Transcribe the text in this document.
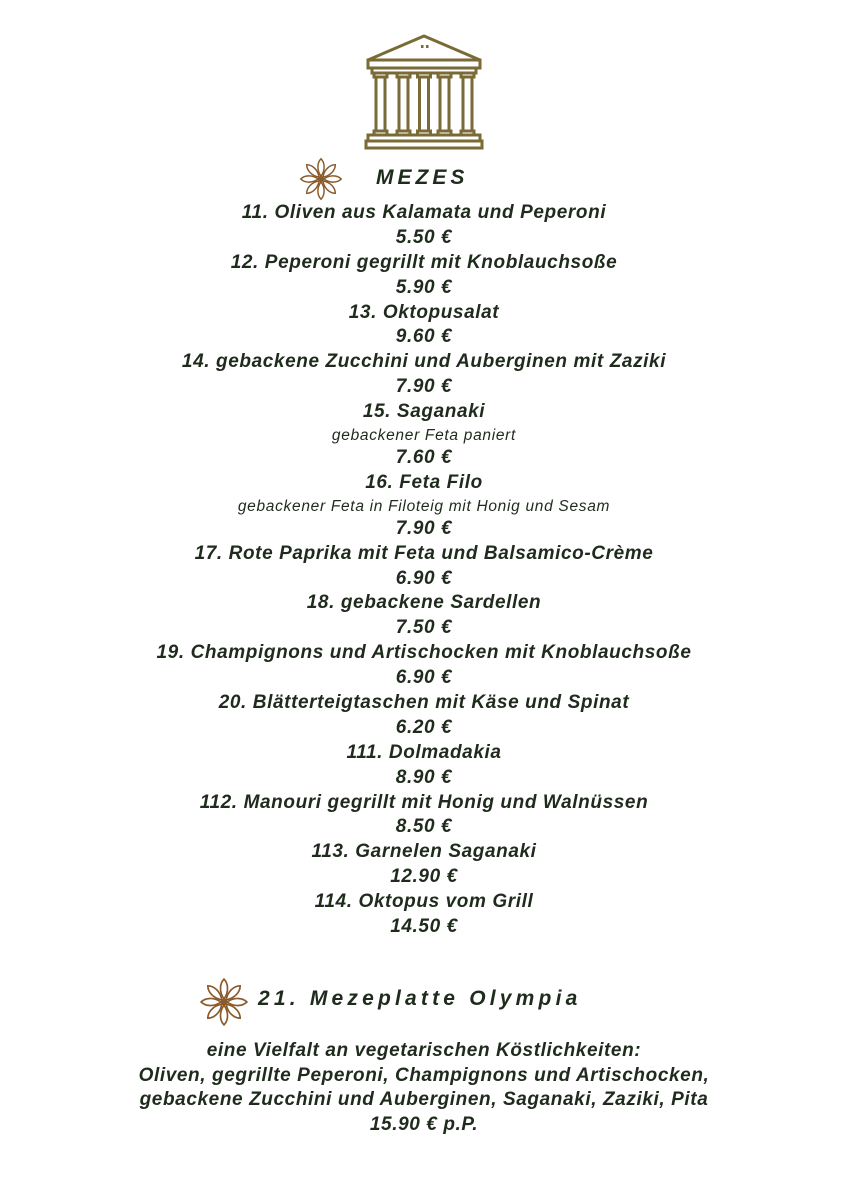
MEZES
11. Oliven aus Kalamata und Peperoni
5.50 €
12. Peperoni gegrillt mit Knoblauchsoße
5.90 €
13. Oktopusalat
9.60 €
14. gebackene Zucchini und Auberginen mit Zaziki
7.90 €
15. Saganaki
gebackener Feta paniert
7.60 €
16. Feta Filo
gebackener Feta in Filoteig mit Honig und Sesam
7.90 €
17. Rote Paprika mit Feta und Balsamico-Crème
6.90 €
18. gebackene Sardellen
7.50 €
19. Champignons und Artischocken mit Knoblauchsoße
6.90 €
20. Blätterteigtaschen mit Käse und Spinat
6.20 €
111. Dolmadakia
8.90 €
112. Manouri gegrillt mit Honig und Walnüssen
8.50 €
113. Garnelen Saganaki
12.90 €
114. Oktopus vom Grill
14.50 €
21. Mezeplatte Olympia
eine Vielfalt an vegetarischen Köstlichkeiten:
Oliven, gegrillte Peperoni, Champignons und Artischocken,
gebackene Zucchini und Auberginen, Saganaki, Zaziki, Pita
15.90 € p.P.
